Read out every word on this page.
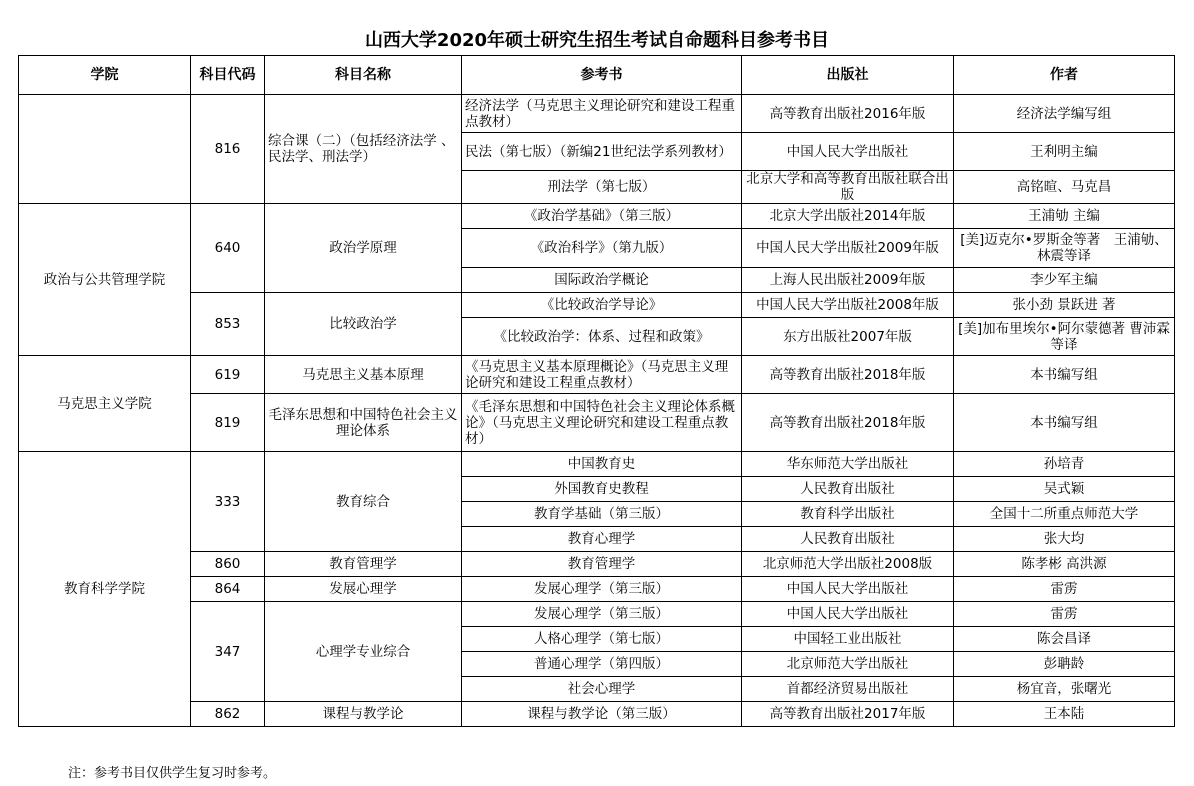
山西大学2020年硕士研究生招生考试自命题科目参考书目
学院	科目代码	科目名称	参考书	出版社	作者
	816	综合课（二）（包括经济法学 、民法学、刑法学）	经济法学（马克思主义理论研究和建设工程重点教材）	高等教育出版社2016年版	经济法学编写组
			民法（第七版）（新编21世纪法学系列教材）	中国人民大学出版社	王利明主编
			刑法学（第七版）	北京大学和高等教育出版社联合出版	高铭暄、马克昌
政治与公共管理学院	640	政治学原理	《政治学基础》（第三版）	北京大学出版社2014年版	王浦劬 主编
			《政治科学》（第九版）	中国人民大学出版社2009年版	[美]迈克尔•罗斯金等著　王浦劬、林震等译
			国际政治学概论	上海人民出版社2009年版	李少军主编
	853	比较政治学	《比较政治学导论》	中国人民大学出版社2008年版	张小劲 景跃进 著
			《比较政治学：体系、过程和政策》	东方出版社2007年版	[美]加布里埃尔•阿尔蒙德著 曹沛霖等译
马克思主义学院	619	马克思主义基本原理	《马克思主义基本原理概论》（马克思主义理论研究和建设工程重点教材）	高等教育出版社2018年版	本书编写组
	819	毛泽东思想和中国特色社会主义理论体系	《毛泽东思想和中国特色社会主义理论体系概论》（马克思主义理论研究和建设工程重点教材）	高等教育出版社2018年版	本书编写组
教育科学学院	333	教育综合	中国教育史	华东师范大学出版社	孙培青
			外国教育史教程	人民教育出版社	吴式颖
			教育学基础（第三版）	教育科学出版社	全国十二所重点师范大学
			教育心理学	人民教育出版社	张大均
	860	教育管理学	教育管理学	北京师范大学出版社2008版	陈孝彬 高洪源
	864	发展心理学	发展心理学（第三版）	中国人民大学出版社	雷雳
	347	心理学专业综合	发展心理学（第三版）	中国人民大学出版社	雷雳
			人格心理学（第七版）	中国轻工业出版社	陈会昌译
			普通心理学（第四版）	北京师范大学出版社	彭聃龄
			社会心理学	首都经济贸易出版社	杨宜音，张曙光
	862	课程与教学论	课程与教学论（第三版）	高等教育出版社2017年版	王本陆
注：参考书目仅供学生复习时参考。
